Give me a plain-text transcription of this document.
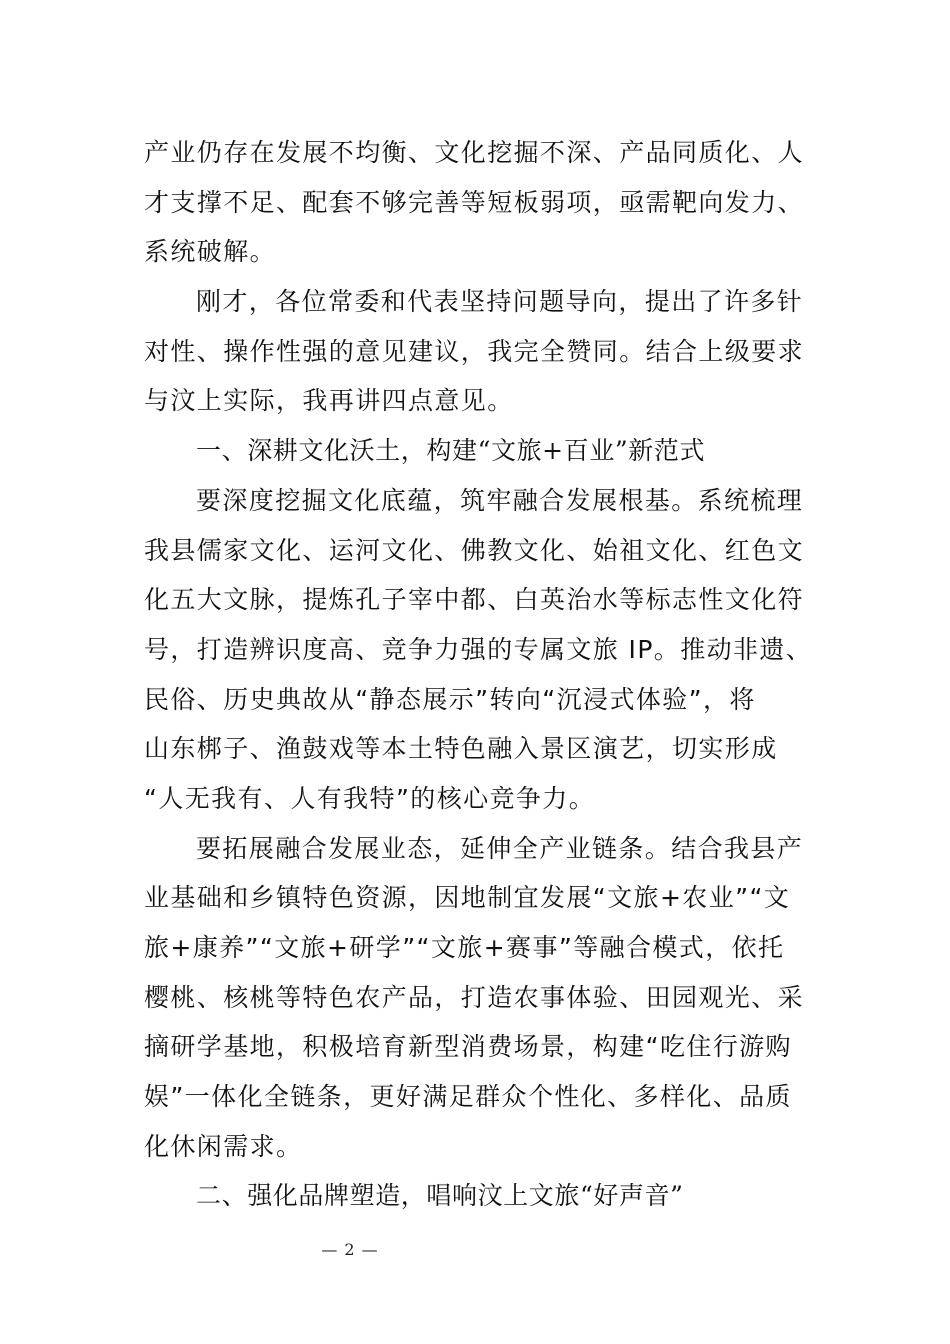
产业仍存在发展不均衡、文化挖掘不深、产品同质化、人
才支撑不足、配套不够完善等短板弱项，亟需靶向发力、
系统破解。
刚才，各位常委和代表坚持问题导向，提出了许多针
对性、操作性强的意见建议，我完全赞同。结合上级要求
与汶上实际，我再讲四点意见。
一、深耕文化沃土，构建“文旅+百业”新范式
要深度挖掘文化底蕴，筑牢融合发展根基。系统梳理
我县儒家文化、运河文化、佛教文化、始祖文化、红色文
化五大文脉，提炼孔子宰中都、白英治水等标志性文化符
号，打造辨识度高、竞争力强的专属文旅 IP。推动非遗、
民俗、历史典故从“静态展示”转向“沉浸式体验”，将
山东梆子、渔鼓戏等本土特色融入景区演艺，切实形成
“人无我有、人有我特”的核心竞争力。
要拓展融合发展业态，延伸全产业链条。结合我县产
业基础和乡镇特色资源，因地制宜发展“文旅+农业”“文
旅+康养”“文旅+研学”“文旅+赛事”等融合模式，依托
樱桃、核桃等特色农产品，打造农事体验、田园观光、采
摘研学基地，积极培育新型消费场景，构建“吃住行游购
娱”一体化全链条，更好满足群众个性化、多样化、品质
化休闲需求。
二、强化品牌塑造，唱响汶上文旅“好声音”
— 2 —
